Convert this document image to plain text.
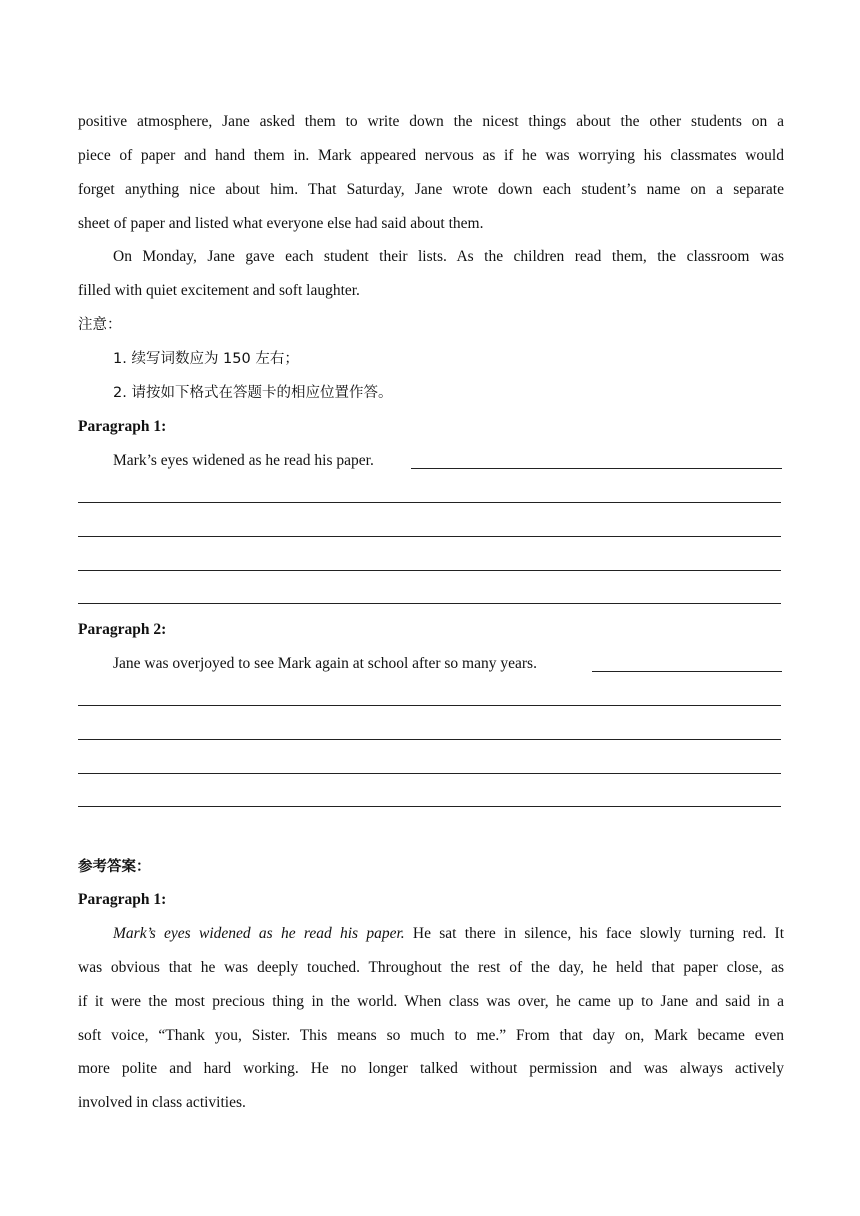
positive atmosphere, Jane asked them to write down the nicest things about the other students on a
piece of paper and hand them in. Mark appeared nervous as if he was worrying his classmates would
forget anything nice about him. That Saturday, Jane wrote down each student’s name on a separate
sheet of paper and listed what everyone else had said about them.
On Monday, Jane gave each student their lists. As the children read them, the classroom was
filled with quiet excitement and soft laughter.
注意：
1. 续写词数应为 150 左右；
2. 请按如下格式在答题卡的相应位置作答。
Paragraph 1:
Mark’s eyes widened as he read his paper.
Paragraph 2:
Jane was overjoyed to see Mark again at school after so many years.
参考答案：
Paragraph 1:
Mark’s eyes widened as he read his paper. He sat there in silence, his face slowly turning red. It
was obvious that he was deeply touched. Throughout the rest of the day, he held that paper close, as
if it were the most precious thing in the world. When class was over, he came up to Jane and said in a
soft voice, “Thank you, Sister. This means so much to me.” From that day on, Mark became even
more polite and hard working. He no longer talked without permission and was always actively
involved in class activities.
